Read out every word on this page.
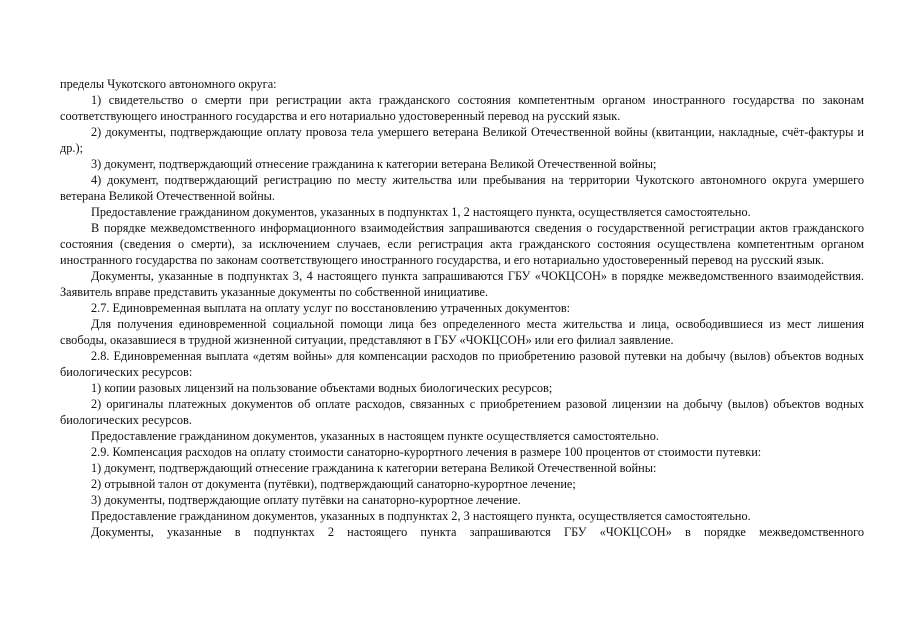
пределы Чукотского автономного округа:

1) свидетельство о смерти при регистрации акта гражданского состояния компетентным органом иностранного государства по законам соответствующего иностранного государства и его нотариально удостоверенный перевод на русский язык.

2) документы, подтверждающие оплату провоза тела умершего ветерана Великой Отечественной войны (квитанции, накладные, счёт-фактуры и др.);

3) документ, подтверждающий отнесение гражданина к категории ветерана Великой Отечественной войны;

4) документ, подтверждающий регистрацию по месту жительства или пребывания на территории Чукотского автономного округа умершего ветерана Великой Отечественной войны.

Предоставление гражданином документов, указанных в подпунктах 1, 2 настоящего пункта, осуществляется самостоятельно.

В порядке межведомственного информационного взаимодействия запрашиваются сведения о государственной регистрации актов гражданского состояния (сведения о смерти), за исключением случаев, если регистрация акта гражданского состояния осуществлена компетентным органом иностранного государства по законам соответствующего иностранного государства, и его нотариально удостоверенный перевод на русский язык.

Документы, указанные в подпунктах 3, 4 настоящего пункта запрашиваются ГБУ «ЧОКЦСОН» в порядке межведомственного взаимодействия. Заявитель вправе представить указанные документы по собственной инициативе.

2.7. Единовременная выплата на оплату услуг по восстановлению утраченных документов:

Для получения единовременной социальной помощи лица без определенного места жительства и лица, освободившиеся из мест лишения свободы, оказавшиеся в трудной жизненной ситуации, представляют в ГБУ «ЧОКЦСОН» или его филиал заявление.

2.8. Единовременная выплата «детям войны» для компенсации расходов по приобретению разовой путевки на добычу (вылов) объектов водных биологических ресурсов:

1) копии разовых лицензий на пользование объектами водных биологических ресурсов;

2) оригиналы платежных документов об оплате расходов, связанных с приобретением разовой лицензии на добычу (вылов) объектов водных биологических ресурсов.

Предоставление гражданином документов, указанных в настоящем пункте осуществляется самостоятельно.

2.9. Компенсация расходов на оплату стоимости санаторно-курортного лечения в размере 100 процентов от стоимости путевки:

1) документ, подтверждающий отнесение гражданина к категории ветерана Великой Отечественной войны:

2) отрывной талон от документа (путёвки), подтверждающий санаторно-курортное лечение;

3) документы, подтверждающие оплату путёвки на санаторно-курортное лечение.

Предоставление гражданином документов, указанных в подпунктах 2, 3 настоящего пункта, осуществляется самостоятельно.

Документы, указанные в подпунктах 2 настоящего пункта запрашиваются ГБУ «ЧОКЦСОН» в порядке межведомственного
